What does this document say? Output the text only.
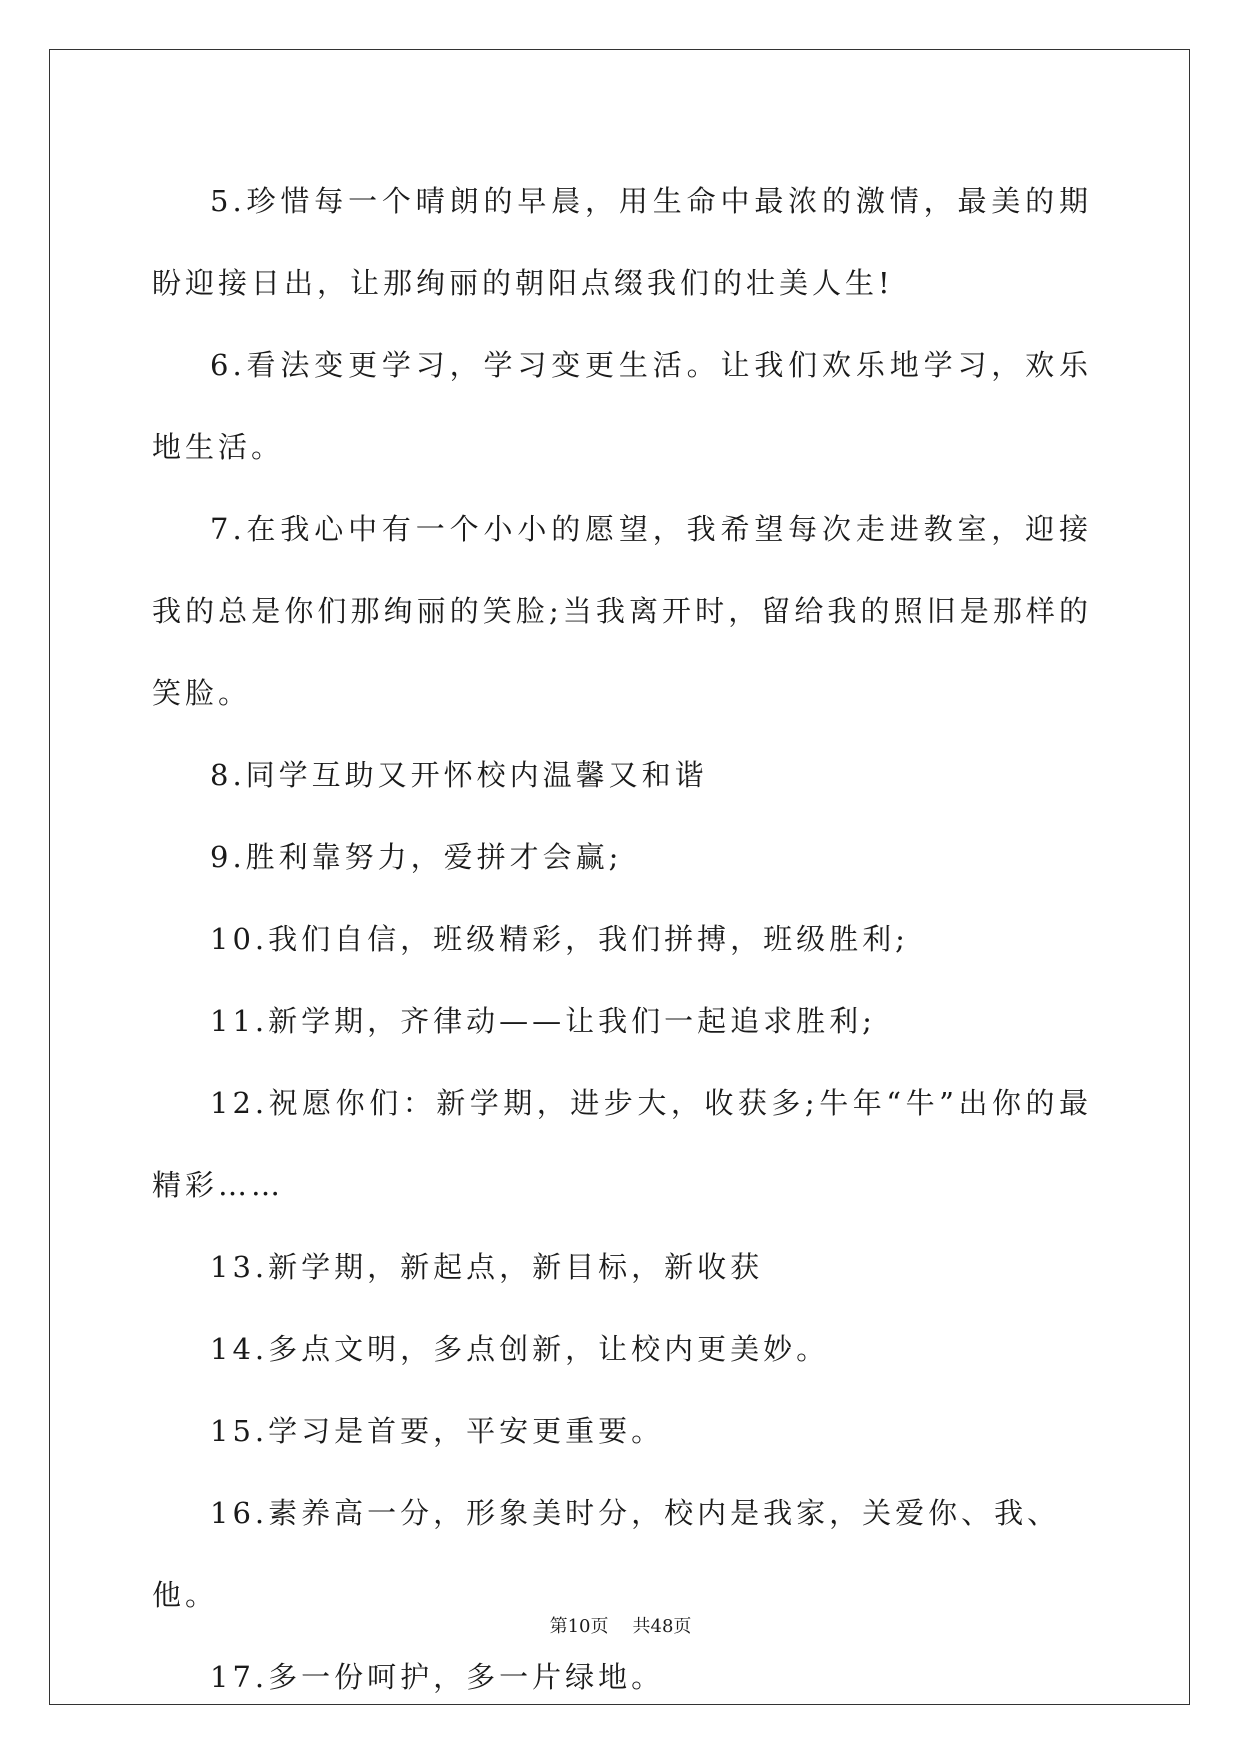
5.珍惜每一个晴朗的早晨，用生命中最浓的激情，最美的期盼迎接日出，让那绚丽的朝阳点缀我们的壮美人生!

6.看法变更学习，学习变更生活。让我们欢乐地学习，欢乐地生活。

7.在我心中有一个小小的愿望，我希望每次走进教室，迎接我的总是你们那绚丽的笑脸;当我离开时，留给我的照旧是那样的笑脸。

8.同学互助又开怀校内温馨又和谐

9.胜利靠努力，爱拼才会赢;

10.我们自信，班级精彩，我们拼搏，班级胜利;

11.新学期，齐律动——让我们一起追求胜利;

12.祝愿你们：新学期，进步大，收获多;牛年“牛”出你的最精彩……

13.新学期，新起点，新目标，新收获

14.多点文明，多点创新，让校内更美妙。

15.学习是首要，平安更重要。

16.素养高一分，形象美时分，校内是我家，关爱你、我、他。

17.多一份呵护，多一片绿地。

第10页 共48页
